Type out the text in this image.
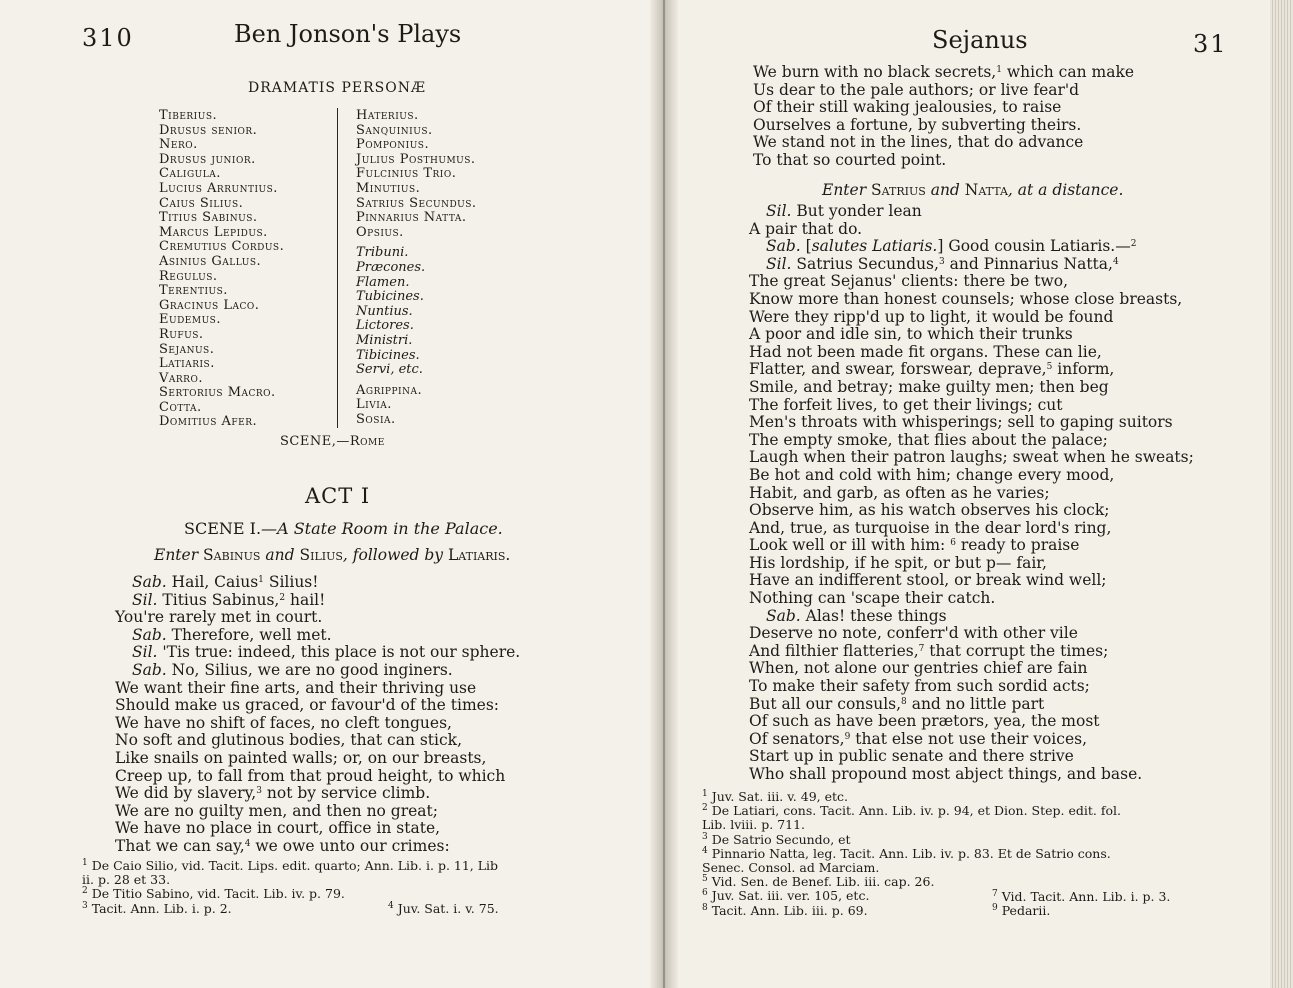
310	Ben Jonson's Plays
DRAMATIS PERSONÆ
Tiberius.
Drusus senior.
Nero.
Drusus junior.
Caligula.
Lucius Arruntius.
Caius Silius.
Titius Sabinus.
Marcus Lepidus.
Cremutius Cordus.
Asinius Gallus.
Regulus.
Terentius.
Gracinus Laco.
Eudemus.
Rufus.
Sejanus.
Latiaris.
Varro.
Sertorius Macro.
Cotta.
Domitius Afer.
Haterius.
Sanquinius.
Pomponius.
Julius Posthumus.
Fulcinius Trio.
Minutius.
Satrius Secundus.
Pinnarius Natta.
Opsius.
Tribuni.
Præcones.
Flamen.
Tubicines.
Nuntius.
Lictores.
Ministri.
Tibicines.
Servi, etc.
Agrippina.
Livia.
Sosia.
SCENE,—Rome
ACT I
SCENE I.—A State Room in the Palace.
Enter Sabinus and Silius, followed by Latiaris.
Sab. Hail, Caius$^1$ Silius!
Sil. Titius Sabinus,$^2$ hail!
You're rarely met in court.
Sab. Therefore, well met.
Sil. 'Tis true: indeed, this place is not our sphere.
Sab. No, Silius, we are no good inginers.
We want their fine arts, and their thriving use
Should make us graced, or favour'd of the times:
We have no shift of faces, no cleft tongues,
No soft and glutinous bodies, that can stick,
Like snails on painted walls; or, on our breasts,
Creep up, to fall from that proud height, to which
We did by slavery,$^3$ not by service climb.
We are no guilty men, and then no great;
We have no place in court, office in state,
That we can say,$^4$ we owe unto our crimes:
$^1$ De Caio Silio, vid. Tacit. Lips. edit. quarto; Ann. Lib. i. p. 11, Lib
ii. p. 28 et 33.
$^2$ De Titio Sabino, vid. Tacit. Lib. iv. p. 79.
$^3$ Tacit. Ann. Lib. i. p. 2.	$^4$ Juv. Sat. i. v. 75.
Sejanus	31
We burn with no black secrets,$^1$ which can make
Us dear to the pale authors; or live fear'd
Of their still waking jealousies, to raise
Ourselves a fortune, by subverting theirs.
We stand not in the lines, that do advance
To that so courted point.
Enter Satrius and Natta, at a distance.
Sil. But yonder lean
A pair that do.
Sab. [salutes Latiaris.] Good cousin Latiaris.—$^2$
Sil. Satrius Secundus,$^3$ and Pinnarius Natta,$^4$
The great Sejanus' clients: there be two,
Know more than honest counsels; whose close breasts,
Were they ripp'd up to light, it would be found
A poor and idle sin, to which their trunks
Had not been made fit organs. These can lie,
Flatter, and swear, forswear, deprave,$^5$ inform,
Smile, and betray; make guilty men; then beg
The forfeit lives, to get their livings; cut
Men's throats with whisperings; sell to gaping suitors
The empty smoke, that flies about the palace;
Laugh when their patron laughs; sweat when he sweats;
Be hot and cold with him; change every mood,
Habit, and garb, as often as he varies;
Observe him, as his watch observes his clock;
And, true, as turquoise in the dear lord's ring,
Look well or ill with him: $^6$ ready to praise
His lordship, if he spit, or but p— fair,
Have an indifferent stool, or break wind well;
Nothing can 'scape their catch.
Sab. Alas! these things
Deserve no note, conferr'd with other vile
And filthier flatteries,$^7$ that corrupt the times;
When, not alone our gentries chief are fain
To make their safety from such sordid acts;
But all our consuls,$^8$ and no little part
Of such as have been prætors, yea, the most
Of senators,$^9$ that else not use their voices,
Start up in public senate and there strive
Who shall propound most abject things, and base.
$^1$ Juv. Sat. iii. v. 49, etc.
$^2$ De Latiari, cons. Tacit. Ann. Lib. iv. p. 94, et Dion. Step. edit. fol.
Lib. lviii. p. 711.
$^3$ De Satrio Secundo, et
$^4$ Pinnario Natta, leg. Tacit. Ann. Lib. iv. p. 83. Et de Satrio cons.
Senec. Consol. ad Marciam.
$^5$ Vid. Sen. de Benef. Lib. iii. cap. 26.
$^6$ Juv. Sat. iii. ver. 105, etc.
$^8$ Tacit. Ann. Lib. iii. p. 69.
$^7$ Vid. Tacit. Ann. Lib. i. p. 3.
$^9$ Pedarii.
